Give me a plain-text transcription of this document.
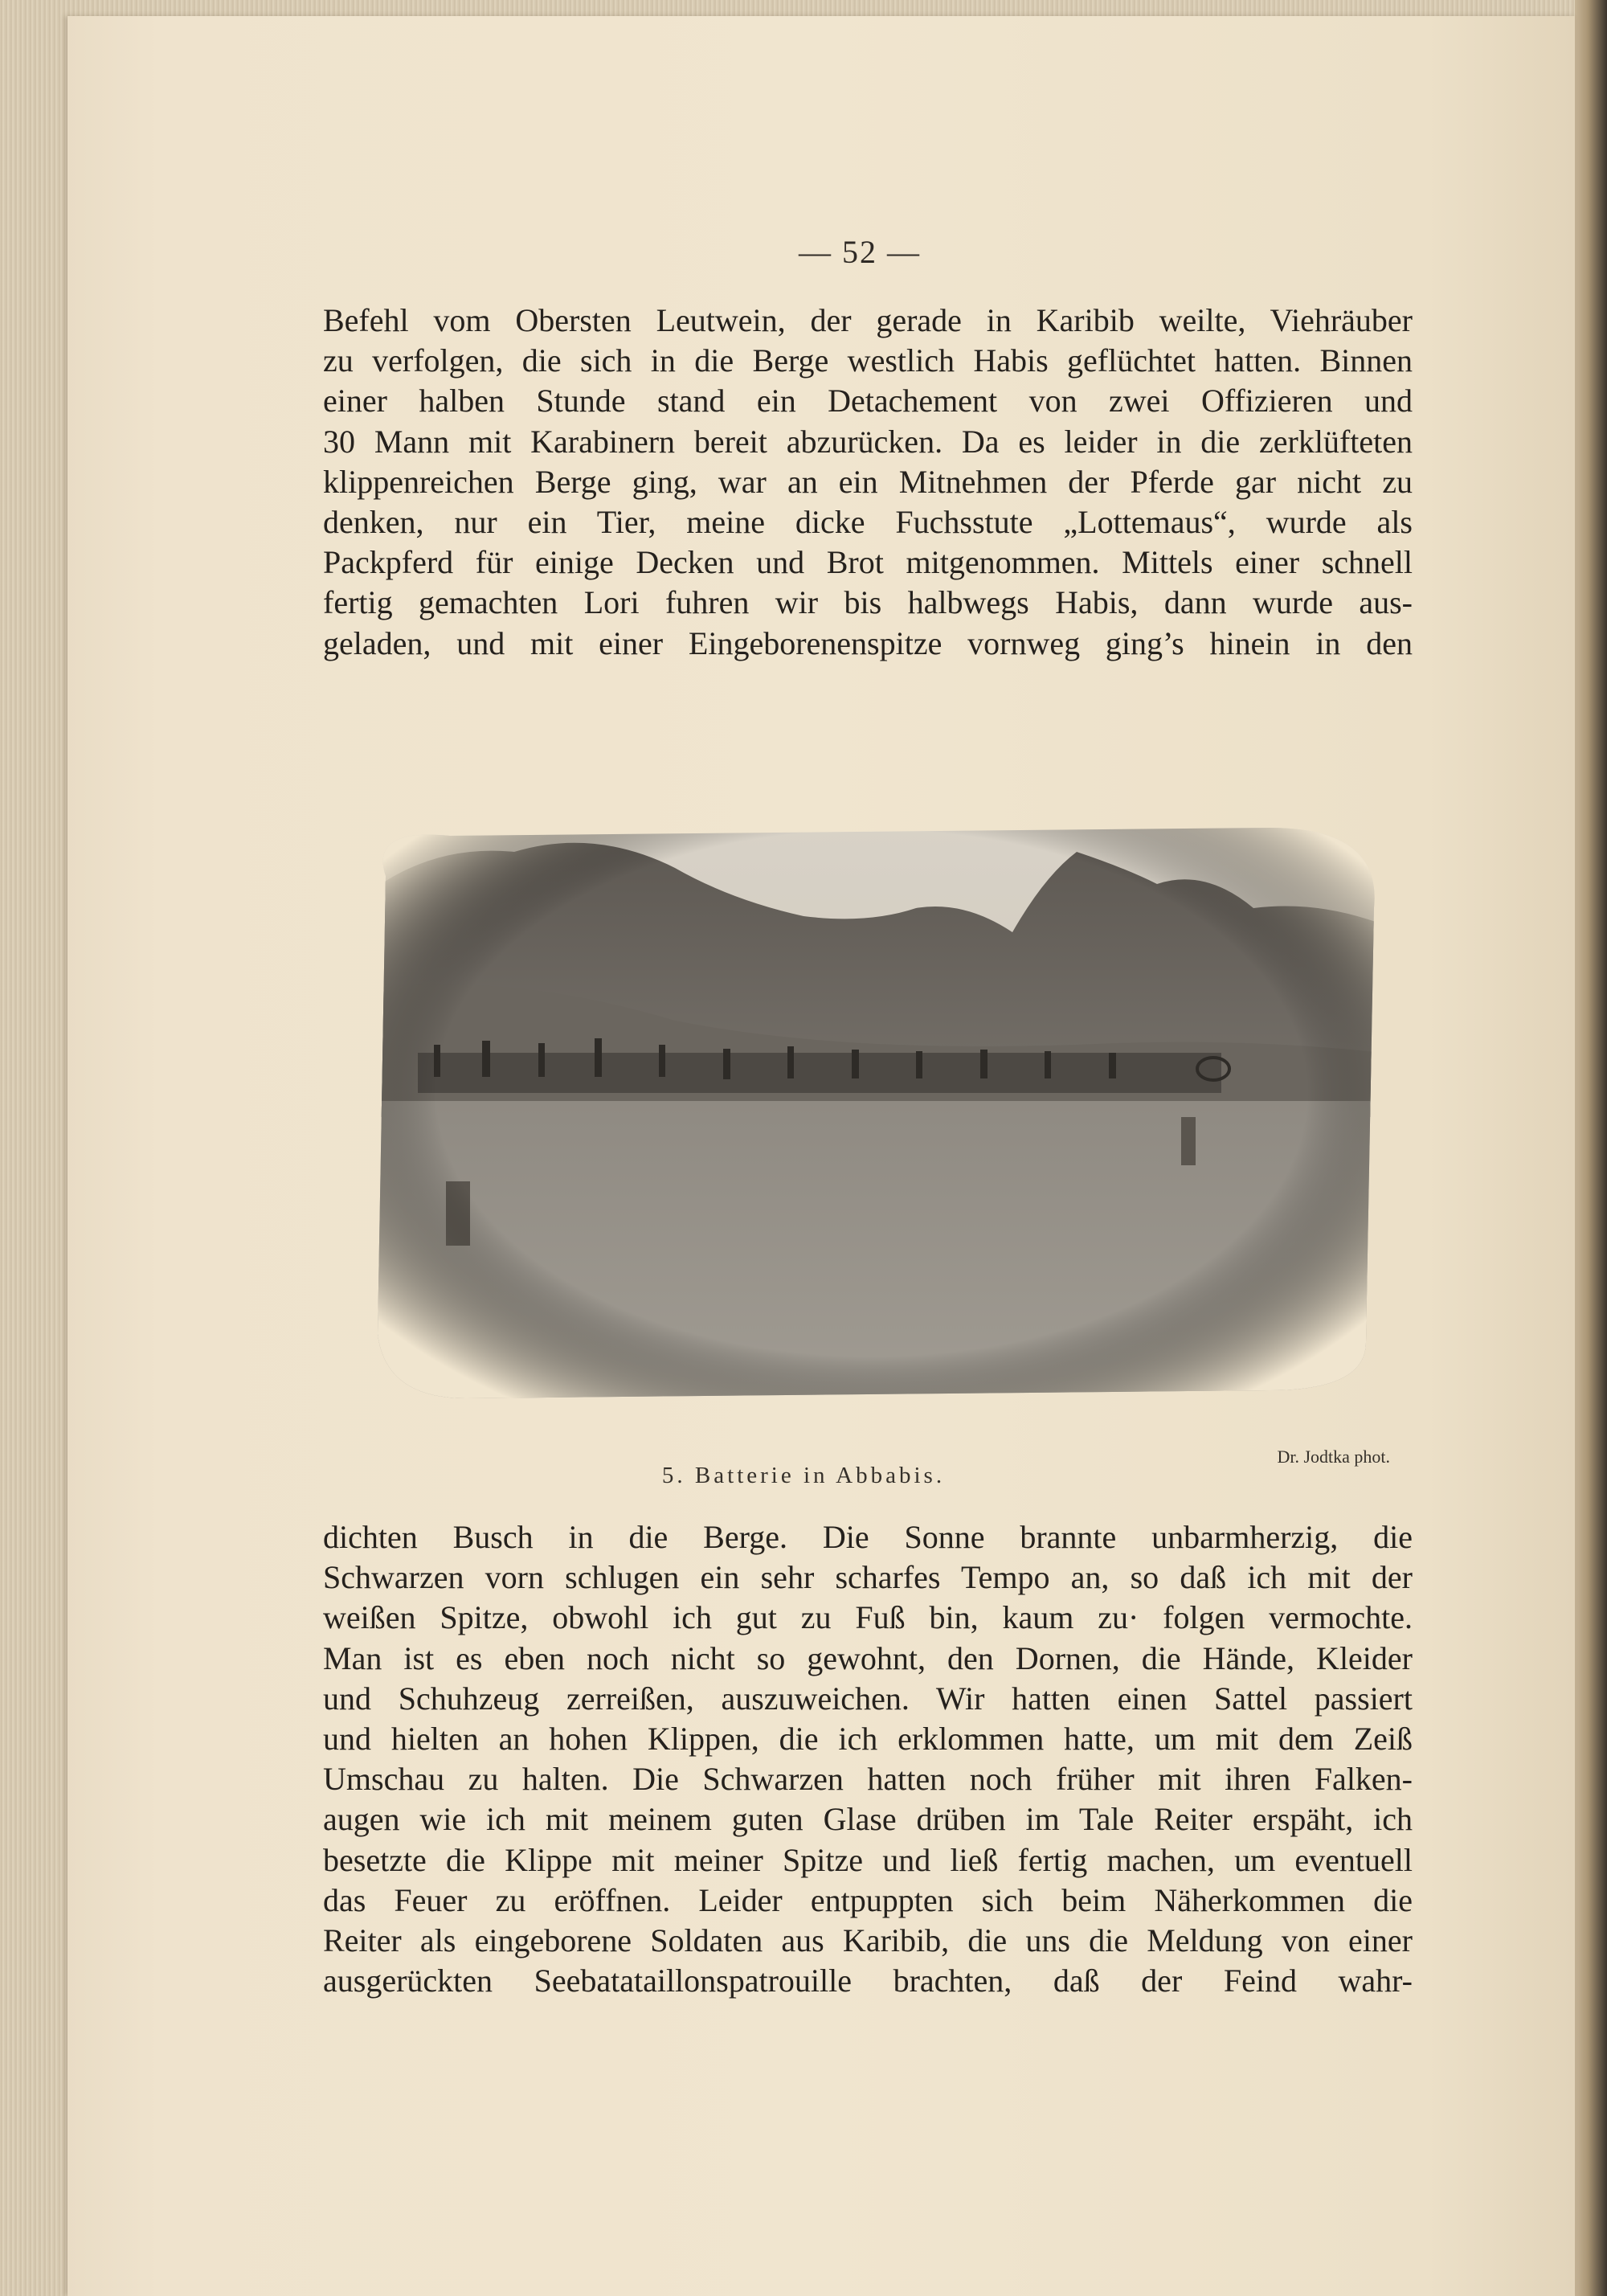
— 52 —
Befehl vom Obersten Leutwein, der gerade in Karibib weilte, Viehräuber
zu verfolgen, die sich in die Berge westlich Habis geflüchtet hatten. Binnen
einer halben Stunde stand ein Detachement von zwei Offizieren und
30 Mann mit Karabinern bereit abzurücken. Da es leider in die zerklüfteten
klippenreichen Berge ging, war an ein Mitnehmen der Pferde gar nicht zu
denken, nur ein Tier, meine dicke Fuchsstute „Lottemaus“, wurde als
Packpferd für einige Decken und Brot mitgenommen. Mittels einer schnell
fertig gemachten Lori fuhren wir bis halbwegs Habis, dann wurde aus-
geladen, und mit einer Eingeborenenspitze vornweg ging’s hinein in den
Dr. Jodtka phot.
5. Batterie in Abbabis.
dichten Busch in die Berge. Die Sonne brannte unbarmherzig, die
Schwarzen vorn schlugen ein sehr scharfes Tempo an, so daß ich mit der
weißen Spitze, obwohl ich gut zu Fuß bin, kaum zu· folgen vermochte.
Man ist es eben noch nicht so gewohnt, den Dornen, die Hände, Kleider
und Schuhzeug zerreißen, auszuweichen. Wir hatten einen Sattel passiert
und hielten an hohen Klippen, die ich erklommen hatte, um mit dem Zeiß
Umschau zu halten. Die Schwarzen hatten noch früher mit ihren Falken-
augen wie ich mit meinem guten Glase drüben im Tale Reiter erspäht, ich
besetzte die Klippe mit meiner Spitze und ließ fertig machen, um eventuell
das Feuer zu eröffnen. Leider entpuppten sich beim Näherkommen die
Reiter als eingeborene Soldaten aus Karibib, die uns die Meldung von einer
ausgerückten Seebatataillonspatrouille brachten, daß der Feind wahr-
